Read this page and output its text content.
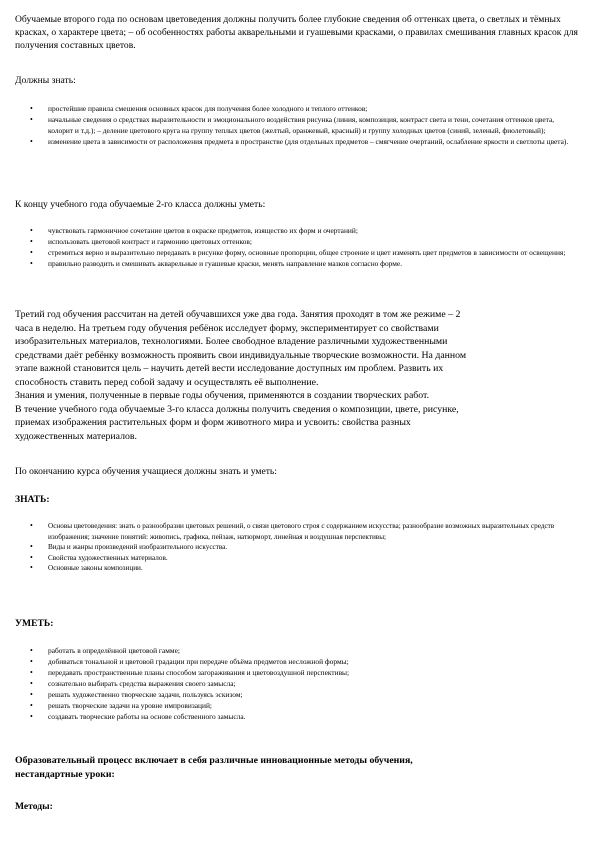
Обучаемые второго года по основам цветоведения должны получить более глубокие сведения об оттенках цвета, о светлых и тёмных красках, о характере цвета; – об особенностях работы акварельными и гуашевыми красками, о правилах смешивания главных красок для получения составных цветов.

Должны знать:

• простейшие правила смешения основных красок для получения более холодного и теплого оттенков;
• начальные сведения о средствах выразительности и эмоционального воздействия рисунка (линия, композиция, контраст света и тени, сочетания оттенков цвета, колорит и т.д.); – деление цветового круга на группу теплых цветов (желтый, оранжевый, красный) и группу холодных цветов (синий, зеленый, фиолетовый);
• изменение цвета в зависимости от расположения предмета в пространстве (для отдельных предметов – смягчение очертаний, ослабление яркости и светлоты цвета).

К концу учебного года обучаемые 2-го класса должны уметь:

• чувствовать гармоничное сочетание цветов в окраске предметов, изящество их форм и очертаний;
• использовать цветовой контраст и гармонию цветовых оттенков;
• стремиться верно и выразительно передавать в рисунке форму, основные пропорции, общее строение и цвет изменять цвет предметов в зависимости от освещения;
• правильно разводить и смешивать акварельные и гуашевые краски, менять направление мазков согласно форме.
Третий год обучения рассчитан на детей обучавшихся уже два года. Занятия проходят в том же режиме – 2
часа в неделю. На третьем году обучения ребёнок исследует форму, экспериментирует со свойствами
изобразительных материалов, технологиями. Более свободное владение различными художественными
средствами даёт ребёнку возможность проявить свои индивидуальные творческие возможности. На данном
этапе важной становится цель – научить детей вести исследование доступных им проблем. Развить их
способность ставить перед собой задачу и осуществлять её выполнение.
Знания и умения, полученные в первые годы обучения, применяются в создании творческих работ.
В течение учебного года обучаемые 3-го класса должны получить сведения о композиции, цвете, рисунке,
приемах изображения растительных форм и форм животного мира и усвоить: свойства разных
художественных материалов.

По окончанию курса обучения учащиеся должны знать и уметь:

ЗНАТЬ:

• Основы цветоведения: знать о разнообразии цветовых решений, о связи цветового строя с содержанием искусства; разнообразие возможных выразительных средств изображения; значение понятий: живопись, графика, пейзаж, натюрморт, линейная и воздушная перспективы;
• Виды и жанры произведений изобразительного искусства.
• Свойства художественных материалов.
• Основные законы композиции.

УМЕТЬ:

• работать в определённой цветовой гамме;
• добиваться тональной и цветовой градации при передаче объёма предметов несложной формы;
• передавать пространственные планы способом загораживания и цветовоздушной перспективы;
• сознательно выбирать средства выражения своего замысла;
• решать художественно творческие задачи, пользуясь эскизом;
• решать творческие задачи на уровне импровизаций;
• создавать творческие работы на основе собственного замысла.
Образовательный процесс включает в себя различные инновационные методы обучения,
нестандартные уроки:

Методы:
